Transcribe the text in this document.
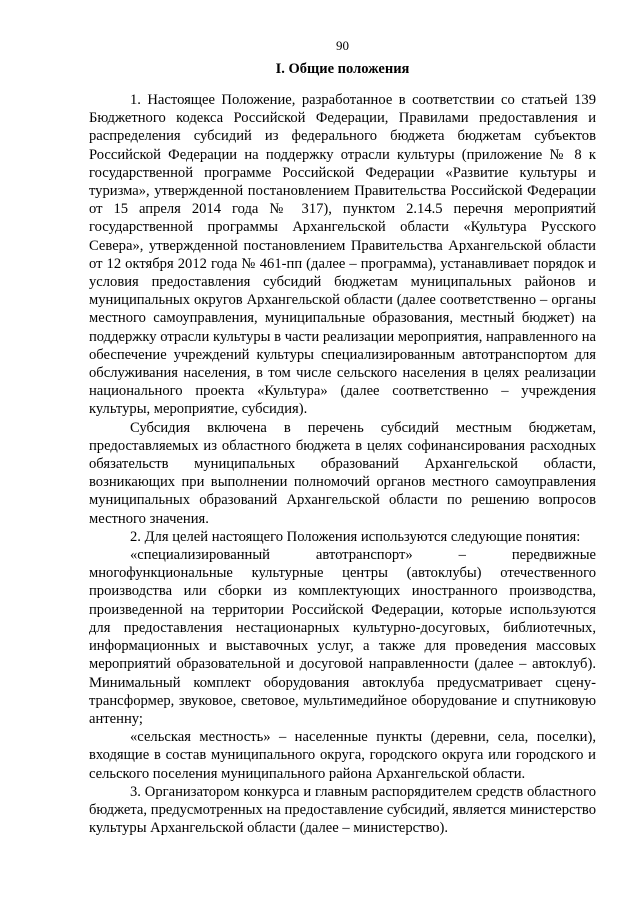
90
I. Общие положения

1. Настоящее Положение, разработанное в соответствии со статьей 139 Бюджетного кодекса Российской Федерации, Правилами предоставления и распределения субсидий из федерального бюджета бюджетам субъектов Российской Федерации на поддержку отрасли культуры (приложение № 8 к государственной программе Российской Федерации «Развитие культуры и туризма», утвержденной постановлением Правительства Российской Федерации от 15 апреля 2014 года № 317), пунктом 2.14.5 перечня мероприятий государственной программы Архангельской области «Культура Русского Севера», утвержденной постановлением Правительства Архангельской области от 12 октября 2012 года № 461-пп (далее – программа), устанавливает порядок и условия предоставления субсидий бюджетам муниципальных районов и муниципальных округов Архангельской области (далее соответственно – органы местного самоуправления, муниципальные образования, местный бюджет) на поддержку отрасли культуры в части реализации мероприятия, направленного на обеспечение учреждений культуры специализированным автотранспортом для обслуживания населения, в том числе сельского населения в целях реализации национального проекта «Культура» (далее соответственно – учреждения культуры, мероприятие, субсидия).

Субсидия включена в перечень субсидий местным бюджетам, предоставляемых из областного бюджета в целях софинансирования расходных обязательств муниципальных образований Архангельской области, возникающих при выполнении полномочий органов местного самоуправления муниципальных образований Архангельской области по решению вопросов местного значения.

2. Для целей настоящего Положения используются следующие понятия:

«специализированный автотранспорт» – передвижные многофункциональные культурные центры (автоклубы) отечественного производства или сборки из комплектующих иностранного производства, произведенной на территории Российской Федерации, которые используются для предоставления нестационарных культурно-досуговых, библиотечных, информационных и выставочных услуг, а также для проведения массовых мероприятий образовательной и досуговой направленности (далее – автоклуб). Минимальный комплект оборудования автоклуба предусматривает сцену-трансформер, звуковое, световое, мультимедийное оборудование и спутниковую антенну;

«сельская местность» – населенные пункты (деревни, села, поселки), входящие в состав муниципального округа, городского округа или городского и сельского поселения муниципального района Архангельской области.

3. Организатором конкурса и главным распорядителем средств областного бюджета, предусмотренных на предоставление субсидий, является министерство культуры Архангельской области (далее – министерство).
